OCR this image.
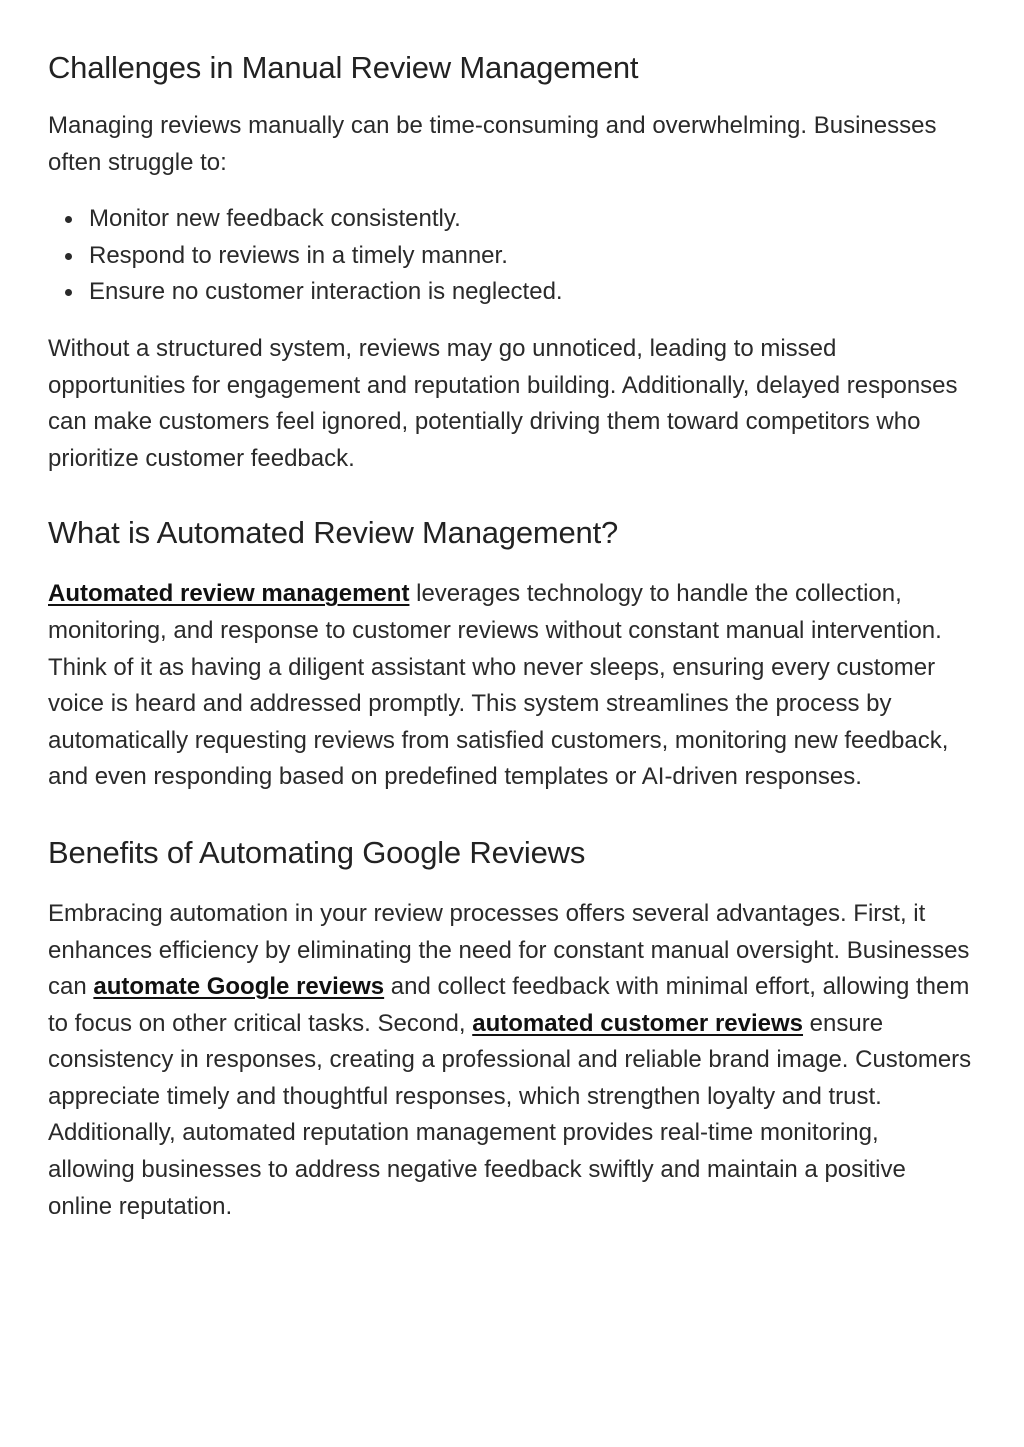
Challenges in Manual Review Management

Managing reviews manually can be time-consuming and overwhelming. Businesses often struggle to:

Monitor new feedback consistently.
Respond to reviews in a timely manner.
Ensure no customer interaction is neglected.

Without a structured system, reviews may go unnoticed, leading to missed opportunities for engagement and reputation building. Additionally, delayed responses can make customers feel ignored, potentially driving them toward competitors who prioritize customer feedback.

What is Automated Review Management?

Automated review management leverages technology to handle the collection, monitoring, and response to customer reviews without constant manual intervention. Think of it as having a diligent assistant who never sleeps, ensuring every customer voice is heard and addressed promptly. This system streamlines the process by automatically requesting reviews from satisfied customers, monitoring new feedback, and even responding based on predefined templates or AI-driven responses.

Benefits of Automating Google Reviews

Embracing automation in your review processes offers several advantages. First, it enhances efficiency by eliminating the need for constant manual oversight. Businesses can automate Google reviews and collect feedback with minimal effort, allowing them to focus on other critical tasks. Second, automated customer reviews ensure consistency in responses, creating a professional and reliable brand image. Customers appreciate timely and thoughtful responses, which strengthen loyalty and trust. Additionally, automated reputation management provides real-time monitoring, allowing businesses to address negative feedback swiftly and maintain a positive online reputation.
